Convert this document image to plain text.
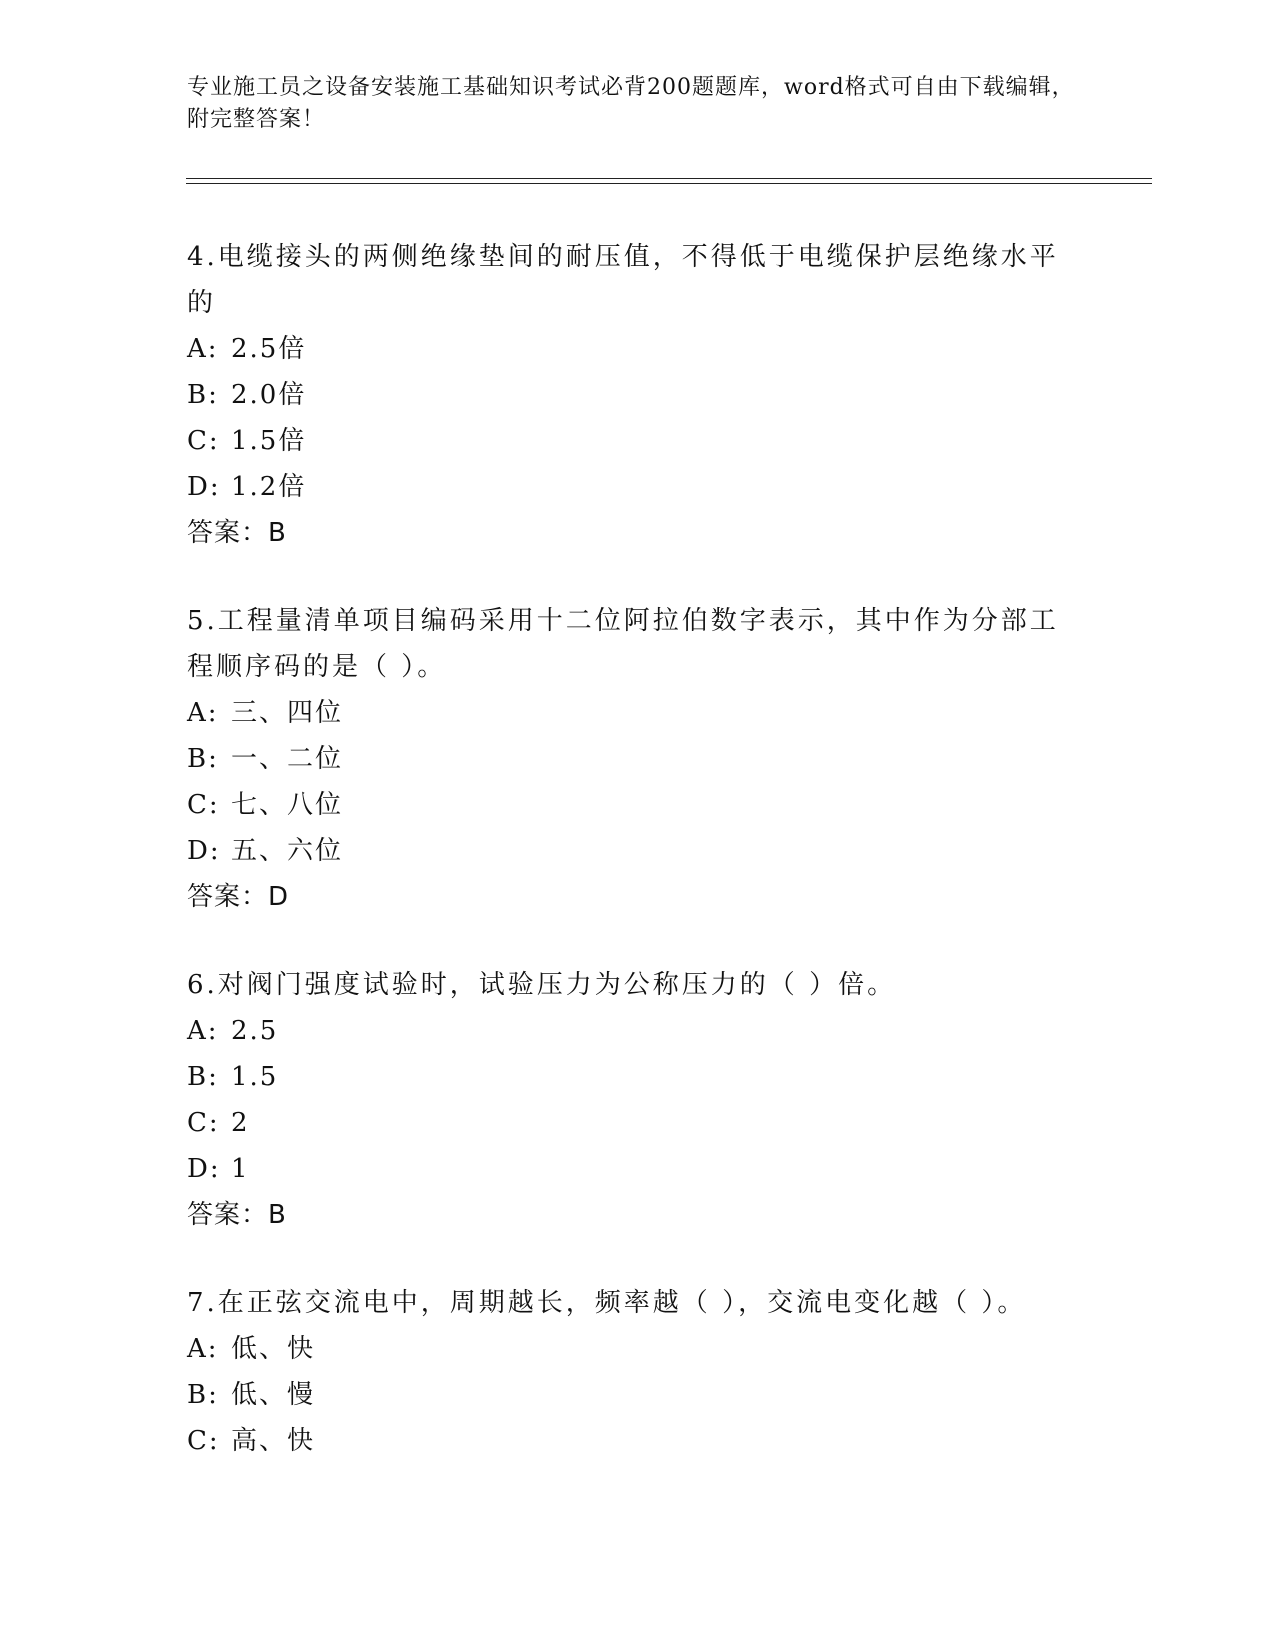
专业施工员之设备安装施工基础知识考试必背200题题库，word格式可自由下载编辑，附完整答案！

4.电缆接头的两侧绝缘垫间的耐压值，不得低于电缆保护层绝缘水平的

A: 2.5倍

B: 2.0倍

C: 1.5倍

D: 1.2倍

答案：B

5.工程量清单项目编码采用十二位阿拉伯数字表示，其中作为分部工程顺序码的是（ ）。

A: 三、四位

B: 一、二位

C: 七、八位

D: 五、六位

答案：D

6.对阀门强度试验时，试验压力为公称压力的（ ）倍。

A: 2.5

B: 1.5

C: 2

D: 1

答案：B

7.在正弦交流电中，周期越长，频率越（ ），交流电变化越（ ）。

A: 低、快

B: 低、慢

C: 高、快
